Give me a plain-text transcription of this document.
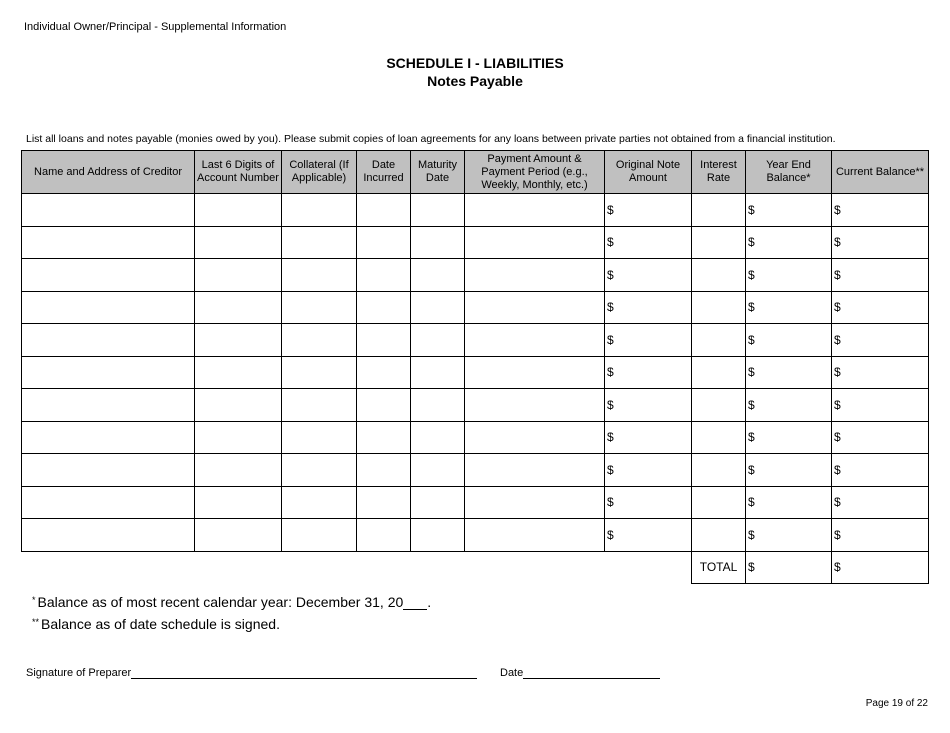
Individual Owner/Principal - Supplemental Information
SCHEDULE I - LIABILITIES
Notes Payable
List all loans and notes payable (monies owed by you). Please submit copies of loan agreements for any loans between private parties not obtained from a financial institution.
Name and Address of Creditor	Last 6 Digits of Account Number	Collateral (If Applicable)	Date Incurred	Maturity Date	Payment Amount & Payment Period (e.g., Weekly, Monthly, etc.)	Original Note Amount	Interest Rate	Year End Balance*	Current Balance**
						$		$	$
						$		$	$
						$		$	$
						$		$	$
						$		$	$
						$		$	$
						$		$	$
						$		$	$
						$		$	$
						$		$	$
						$		$	$
							TOTAL	$	$
* Balance as of most recent calendar year: December 31, 20 .
** Balance as of date schedule is signed.
Signature of Preparer	Date
Page 19 of 22
